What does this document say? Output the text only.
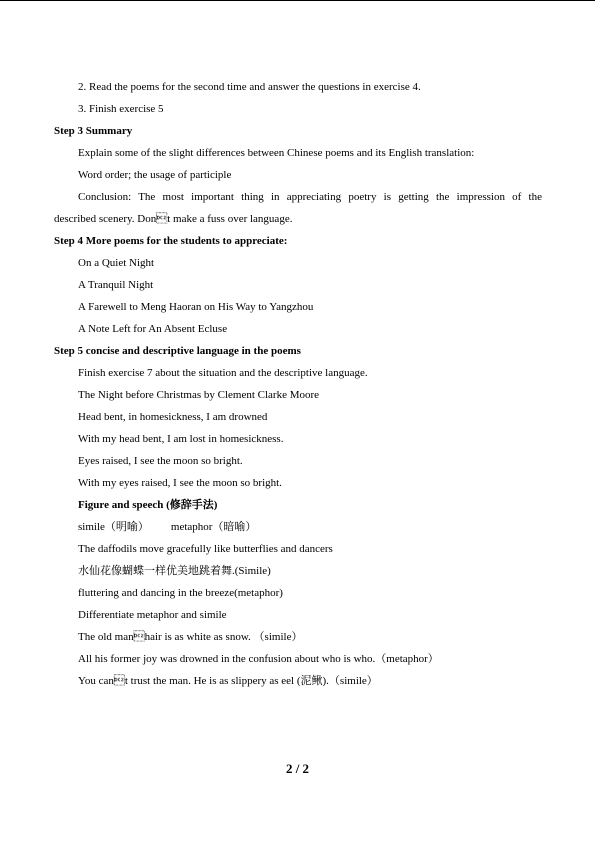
2. Read the poems for the second time and answer the questions in exercise 4.
3. Finish exercise 5
Step 3 Summary
Explain some of the slight differences between Chinese poems and its English translation:
Word order; the usage of participle
Conclusion: The most important thing in appreciating poetry is getting the impression of the
described scenery. Dont make a fuss over language.
Step 4 More poems for the students to appreciate:
On a Quiet Night
A Tranquil Night
A Farewell to Meng Haoran on His Way to Yangzhou
A Note Left for An Absent Ecluse
Step 5 concise and descriptive language in the poems
Finish exercise 7 about the situation and the descriptive language.
The Night before Christmas by Clement Clarke Moore
Head bent, in homesickness, I am drowned
With my head bent, I am lost in homesickness.
Eyes raised, I see the moon so bright.
With my eyes raised, I see the moon so bright.
Figure and speech (修辞手法)
simile（明喻） metaphor（暗喻）
The daffodils move gracefully like butterflies and dancers
水仙花像蝴蝶一样优美地跳着舞.(Simile)
fluttering and dancing in the breeze(metaphor)
Differentiate metaphor and simile
The old manhair is as white as snow. （simile）
All his former joy was drowned in the confusion about who is who.（metaphor）
You cant trust the man. He is as slippery as eel (泥鳅).（simile）
2 / 2
